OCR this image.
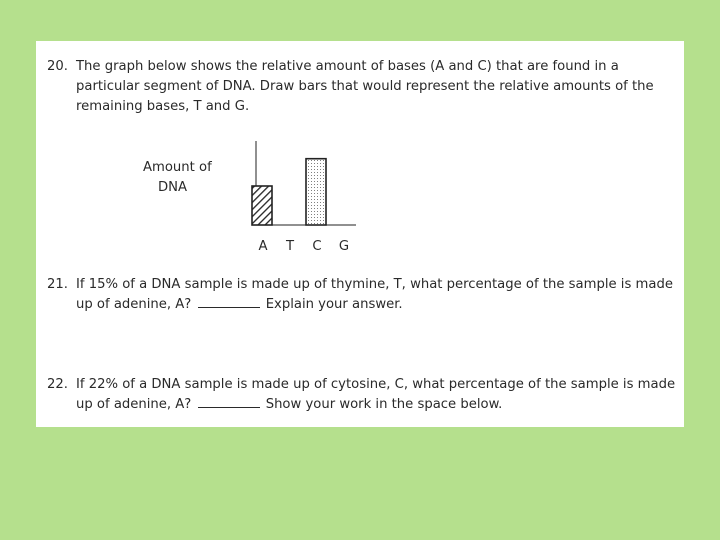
20. The graph below shows the relative amount of bases (A and C) that are found in a particular segment of DNA. Draw bars that would represent the relative amounts of the remaining bases, T and G.
Amount of
DNA
A T C G
21. If 15% of a DNA sample is made up of thymine, T, what percentage of the sample is made up of adenine, A?	Explain your answer.
22. If 22% of a DNA sample is made up of cytosine, C, what percentage of the sample is made up of adenine, A?	Show your work in the space below.
